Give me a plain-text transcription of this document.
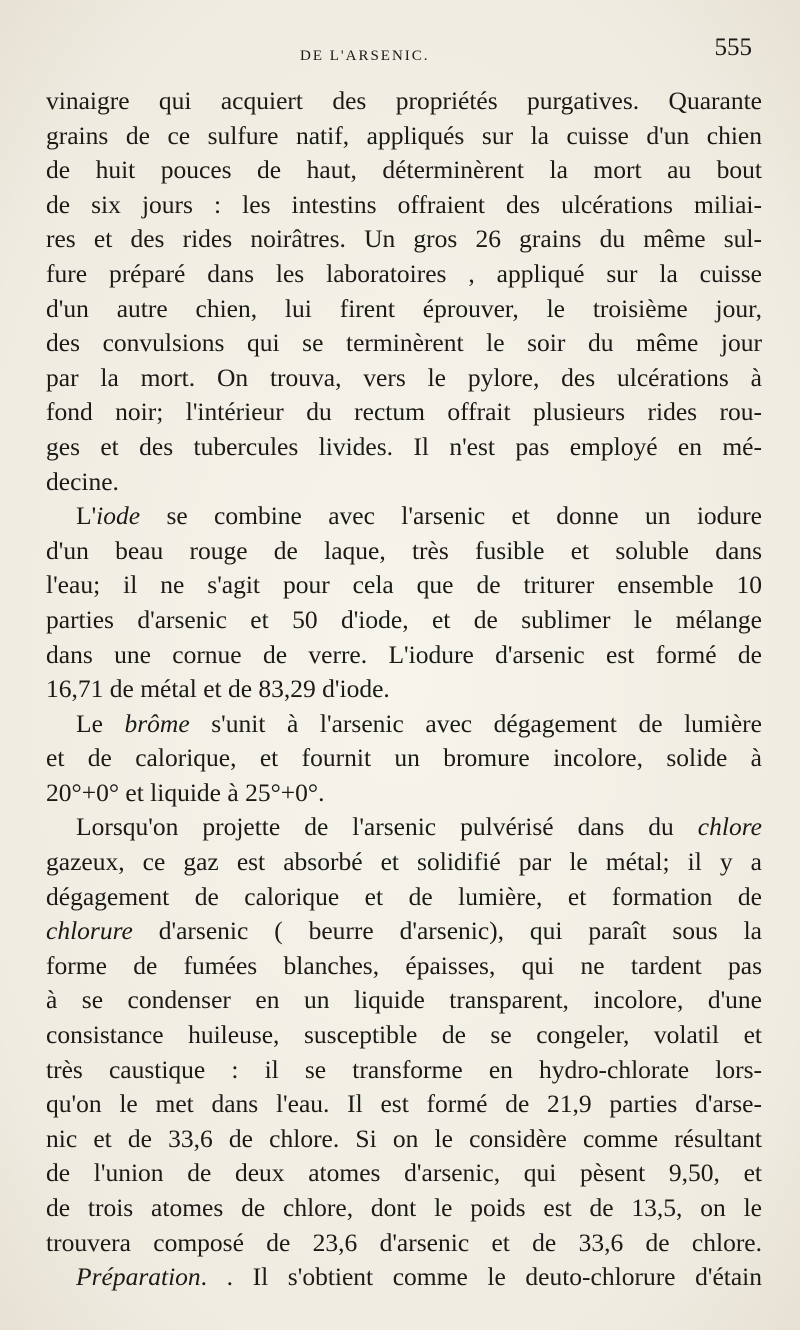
DE L'ARSENIC.	555
vinaigre qui acquiert des propriétés purgatives. Quarante
grains de ce sulfure natif, appliqués sur la cuisse d'un chien
de huit pouces de haut, déterminèrent la mort au bout
de six jours : les intestins offraient des ulcérations miliai-
res et des rides noirâtres. Un gros 26 grains du même sul-
fure préparé dans les laboratoires , appliqué sur la cuisse
d'un autre chien, lui firent éprouver, le troisième jour,
des convulsions qui se terminèrent le soir du même jour
par la mort. On trouva, vers le pylore, des ulcérations à
fond noir; l'intérieur du rectum offrait plusieurs rides rou-
ges et des tubercules livides. Il n'est pas employé en mé-
decine.
L'iode se combine avec l'arsenic et donne un iodure
d'un beau rouge de laque, très fusible et soluble dans
l'eau; il ne s'agit pour cela que de triturer ensemble 10
parties d'arsenic et 50 d'iode, et de sublimer le mélange
dans une cornue de verre. L'iodure d'arsenic est formé de
16,71 de métal et de 83,29 d'iode.
Le brôme s'unit à l'arsenic avec dégagement de lumière
et de calorique, et fournit un bromure incolore, solide à
20°+0° et liquide à 25°+0°.
Lorsqu'on projette de l'arsenic pulvérisé dans du chlore
gazeux, ce gaz est absorbé et solidifié par le métal; il y a
dégagement de calorique et de lumière, et formation de
chlorure d'arsenic ( beurre d'arsenic), qui paraît sous la
forme de fumées blanches, épaisses, qui ne tardent pas
à se condenser en un liquide transparent, incolore, d'une
consistance huileuse, susceptible de se congeler, volatil et
très caustique : il se transforme en hydro-chlorate lors-
qu'on le met dans l'eau. Il est formé de 21,9 parties d'arse-
nic et de 33,6 de chlore. Si on le considère comme résultant
de l'union de deux atomes d'arsenic, qui pèsent 9,50, et
de trois atomes de chlore, dont le poids est de 13,5, on le
trouvera composé de 23,6 d'arsenic et de 33,6 de chlore.
Préparation. . Il s'obtient comme le deuto-chlorure d'étain
